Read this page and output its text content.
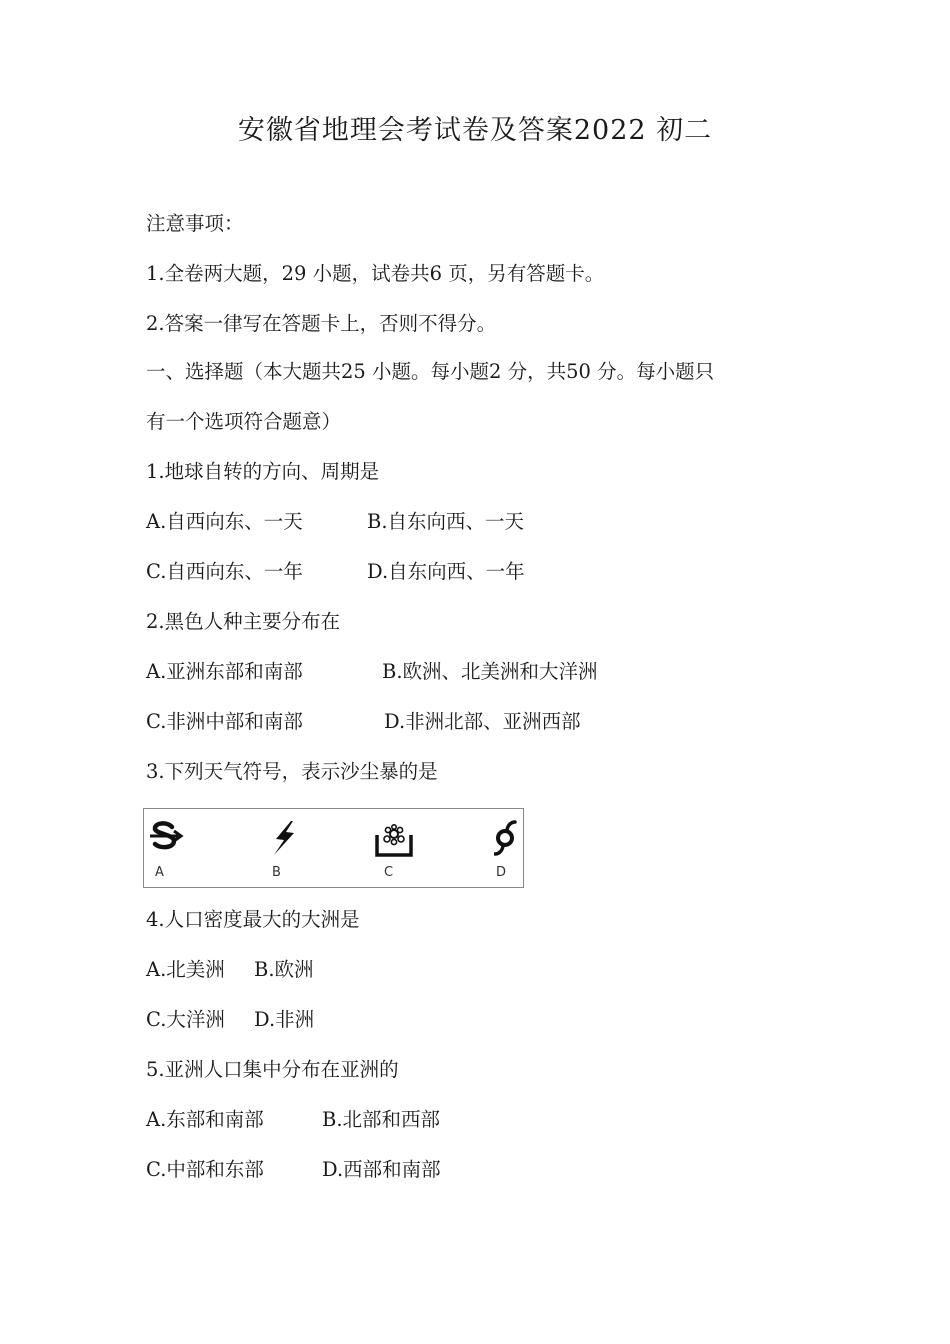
安徽省地理会考试卷及答案2022 初二
注意事项：
1.全卷两大题，29 小题，试卷共6 页，另有答题卡。
2.答案一律写在答题卡上，否则不得分。
一、选择题（本大题共25 小题。每小题2 分，共50 分。每小题只
有一个选项符合题意）
1.地球自转的方向、周期是
A.自西向东、一天	B.自东向西、一天
C.自西向东、一年	D.自东向西、一年
2.黑色人种主要分布在
A.亚洲东部和南部	B.欧洲、北美洲和大洋洲
C.非洲中部和南部	D.非洲北部、亚洲西部
3.下列天气符号，表示沙尘暴的是
A	B	C	D
4.人口密度最大的大洲是
A.北美洲 B.欧洲
C.大洋洲 D.非洲
5.亚洲人口集中分布在亚洲的
A.东部和南部	B.北部和西部
C.中部和东部	D.西部和南部
